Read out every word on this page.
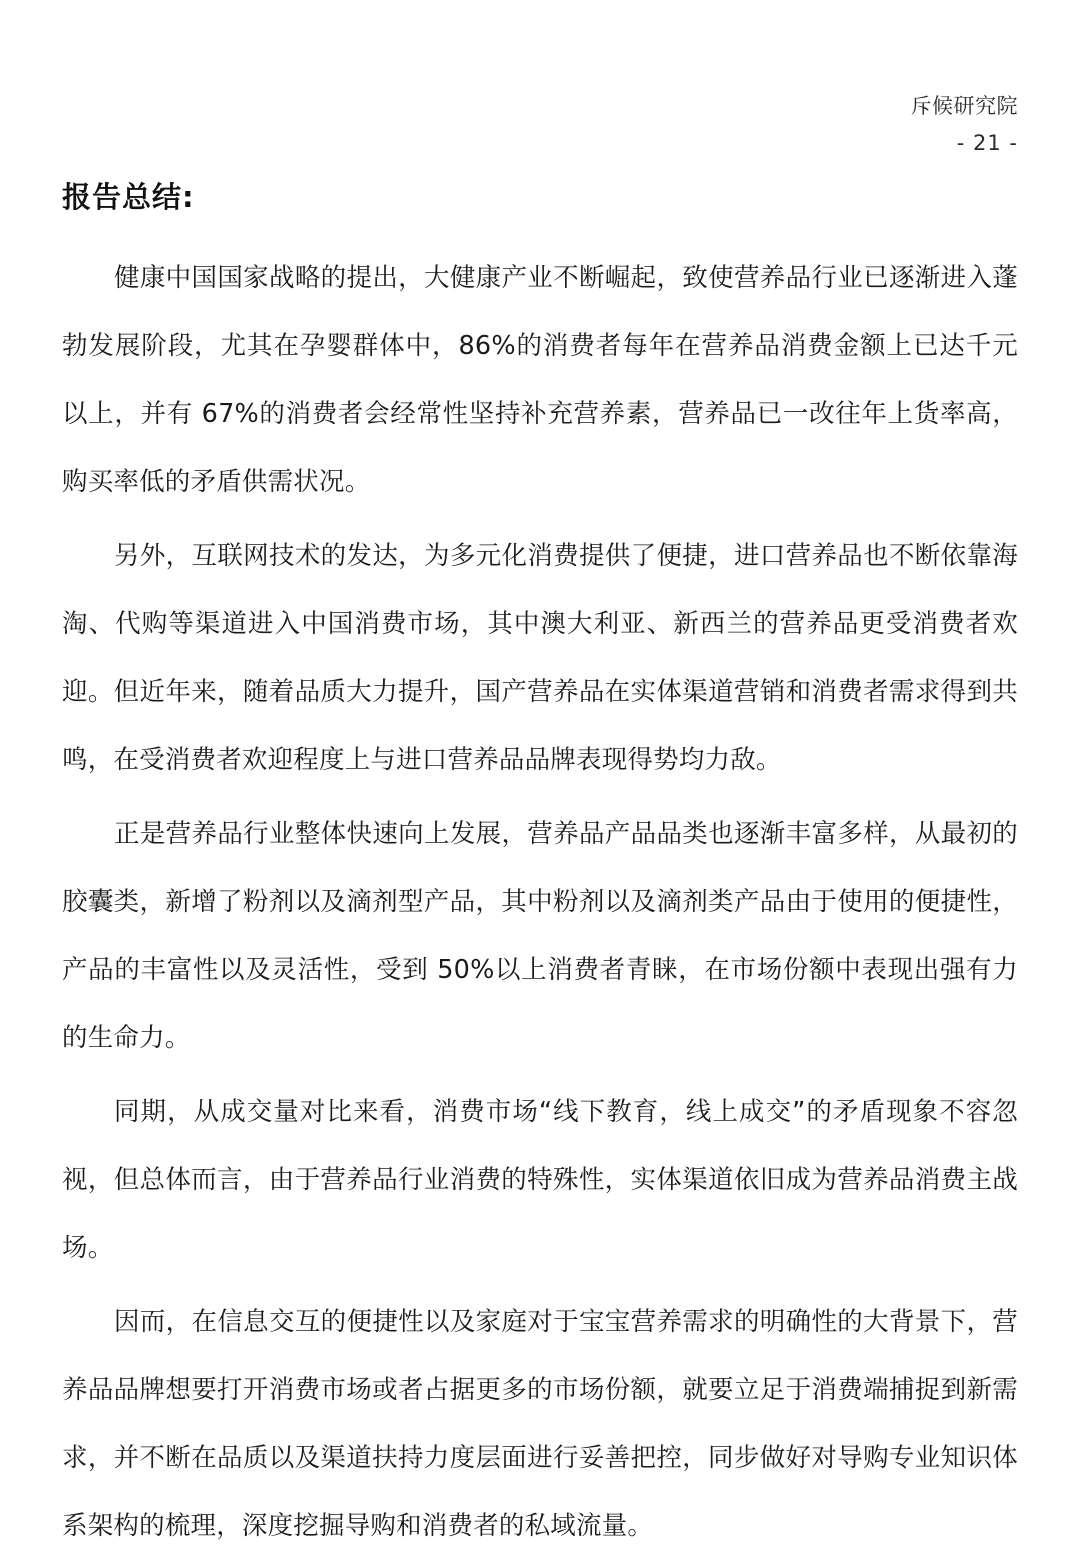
斥候研究院
- 21 -
报告总结:

健康中国国家战略的提出，大健康产业不断崛起，致使营养品行业已逐渐进入蓬勃发展阶段，尤其在孕婴群体中，86%的消费者每年在营养品消费金额上已达千元以上，并有 67%的消费者会经常性坚持补充营养素，营养品已一改往年上货率高，购买率低的矛盾供需状况。

另外，互联网技术的发达，为多元化消费提供了便捷，进口营养品也不断依靠海淘、代购等渠道进入中国消费市场，其中澳大利亚、新西兰的营养品更受消费者欢迎。但近年来，随着品质大力提升，国产营养品在实体渠道营销和消费者需求得到共鸣，在受消费者欢迎程度上与进口营养品品牌表现得势均力敌。

正是营养品行业整体快速向上发展，营养品产品品类也逐渐丰富多样，从最初的胶囊类，新增了粉剂以及滴剂型产品，其中粉剂以及滴剂类产品由于使用的便捷性，产品的丰富性以及灵活性，受到 50%以上消费者青睐，在市场份额中表现出强有力的生命力。

同期，从成交量对比来看，消费市场“线下教育，线上成交”的矛盾现象不容忽视，但总体而言，由于营养品行业消费的特殊性，实体渠道依旧成为营养品消费主战场。

因而，在信息交互的便捷性以及家庭对于宝宝营养需求的明确性的大背景下，营养品品牌想要打开消费市场或者占据更多的市场份额，就要立足于消费端捕捉到新需求，并不断在品质以及渠道扶持力度层面进行妥善把控，同步做好对导购专业知识体系架构的梳理，深度挖掘导购和消费者的私域流量。
